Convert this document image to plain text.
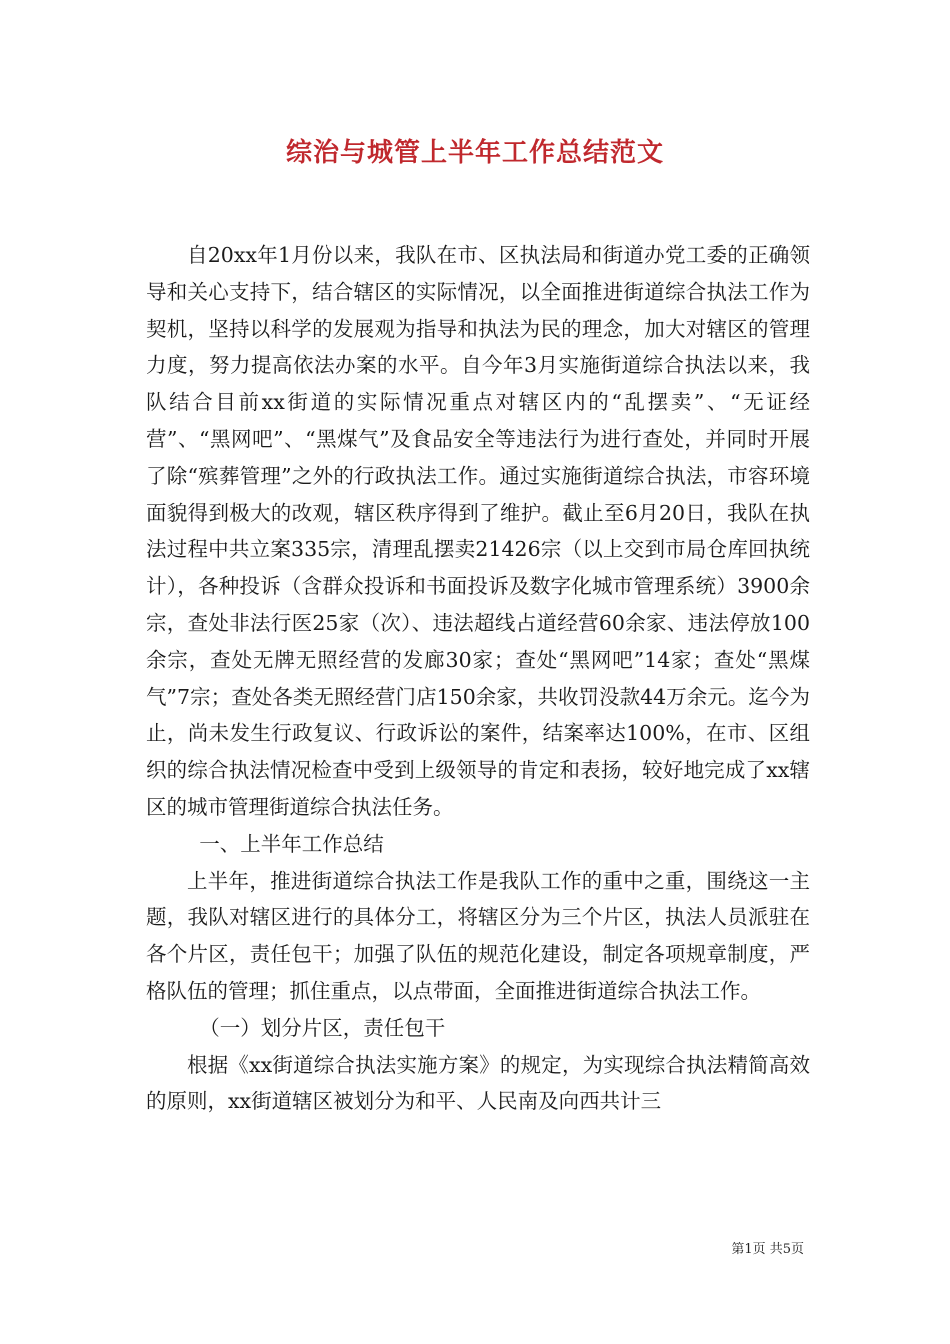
综治与城管上半年工作总结范文

自20xx年1月份以来，我队在市、区执法局和街道办党工委的正确领导和关心支持下，结合辖区的实际情况，以全面推进街道综合执法工作为契机，坚持以科学的发展观为指导和执法为民的理念，加大对辖区的管理力度，努力提高依法办案的水平。自今年3月实施街道综合执法以来，我队结合目前xx街道的实际情况重点对辖区内的“乱摆卖”、“无证经营”、“黑网吧”、“黑煤气”及食品安全等违法行为进行查处，并同时开展了除“殡葬管理”之外的行政执法工作。通过实施街道综合执法，市容环境面貌得到极大的改观，辖区秩序得到了维护。截止至6月20日，我队在执法过程中共立案335宗，清理乱摆卖21426宗（以上交到市局仓库回执统计），各种投诉（含群众投诉和书面投诉及数字化城市管理系统）3900余宗，查处非法行医25家（次）、违法超线占道经营60余家、违法停放100余宗，查处无牌无照经营的发廊30家；查处“黑网吧”14家；查处“黑煤气”7宗；查处各类无照经营门店150余家，共收罚没款44万余元。迄今为止，尚未发生行政复议、行政诉讼的案件，结案率达100%，在市、区组织的综合执法情况检查中受到上级领导的肯定和表扬，较好地完成了xx辖区的城市管理街道综合执法任务。

一、上半年工作总结

上半年，推进街道综合执法工作是我队工作的重中之重，围绕这一主题，我队对辖区进行的具体分工，将辖区分为三个片区，执法人员派驻在各个片区，责任包干；加强了队伍的规范化建设，制定各项规章制度，严格队伍的管理；抓住重点，以点带面，全面推进街道综合执法工作。

（一）划分片区，责任包干

根据《xx街道综合执法实施方案》的规定，为实现综合执法精简高效的原则，xx街道辖区被划分为和平、人民南及向西共计三

第1页 共5页
